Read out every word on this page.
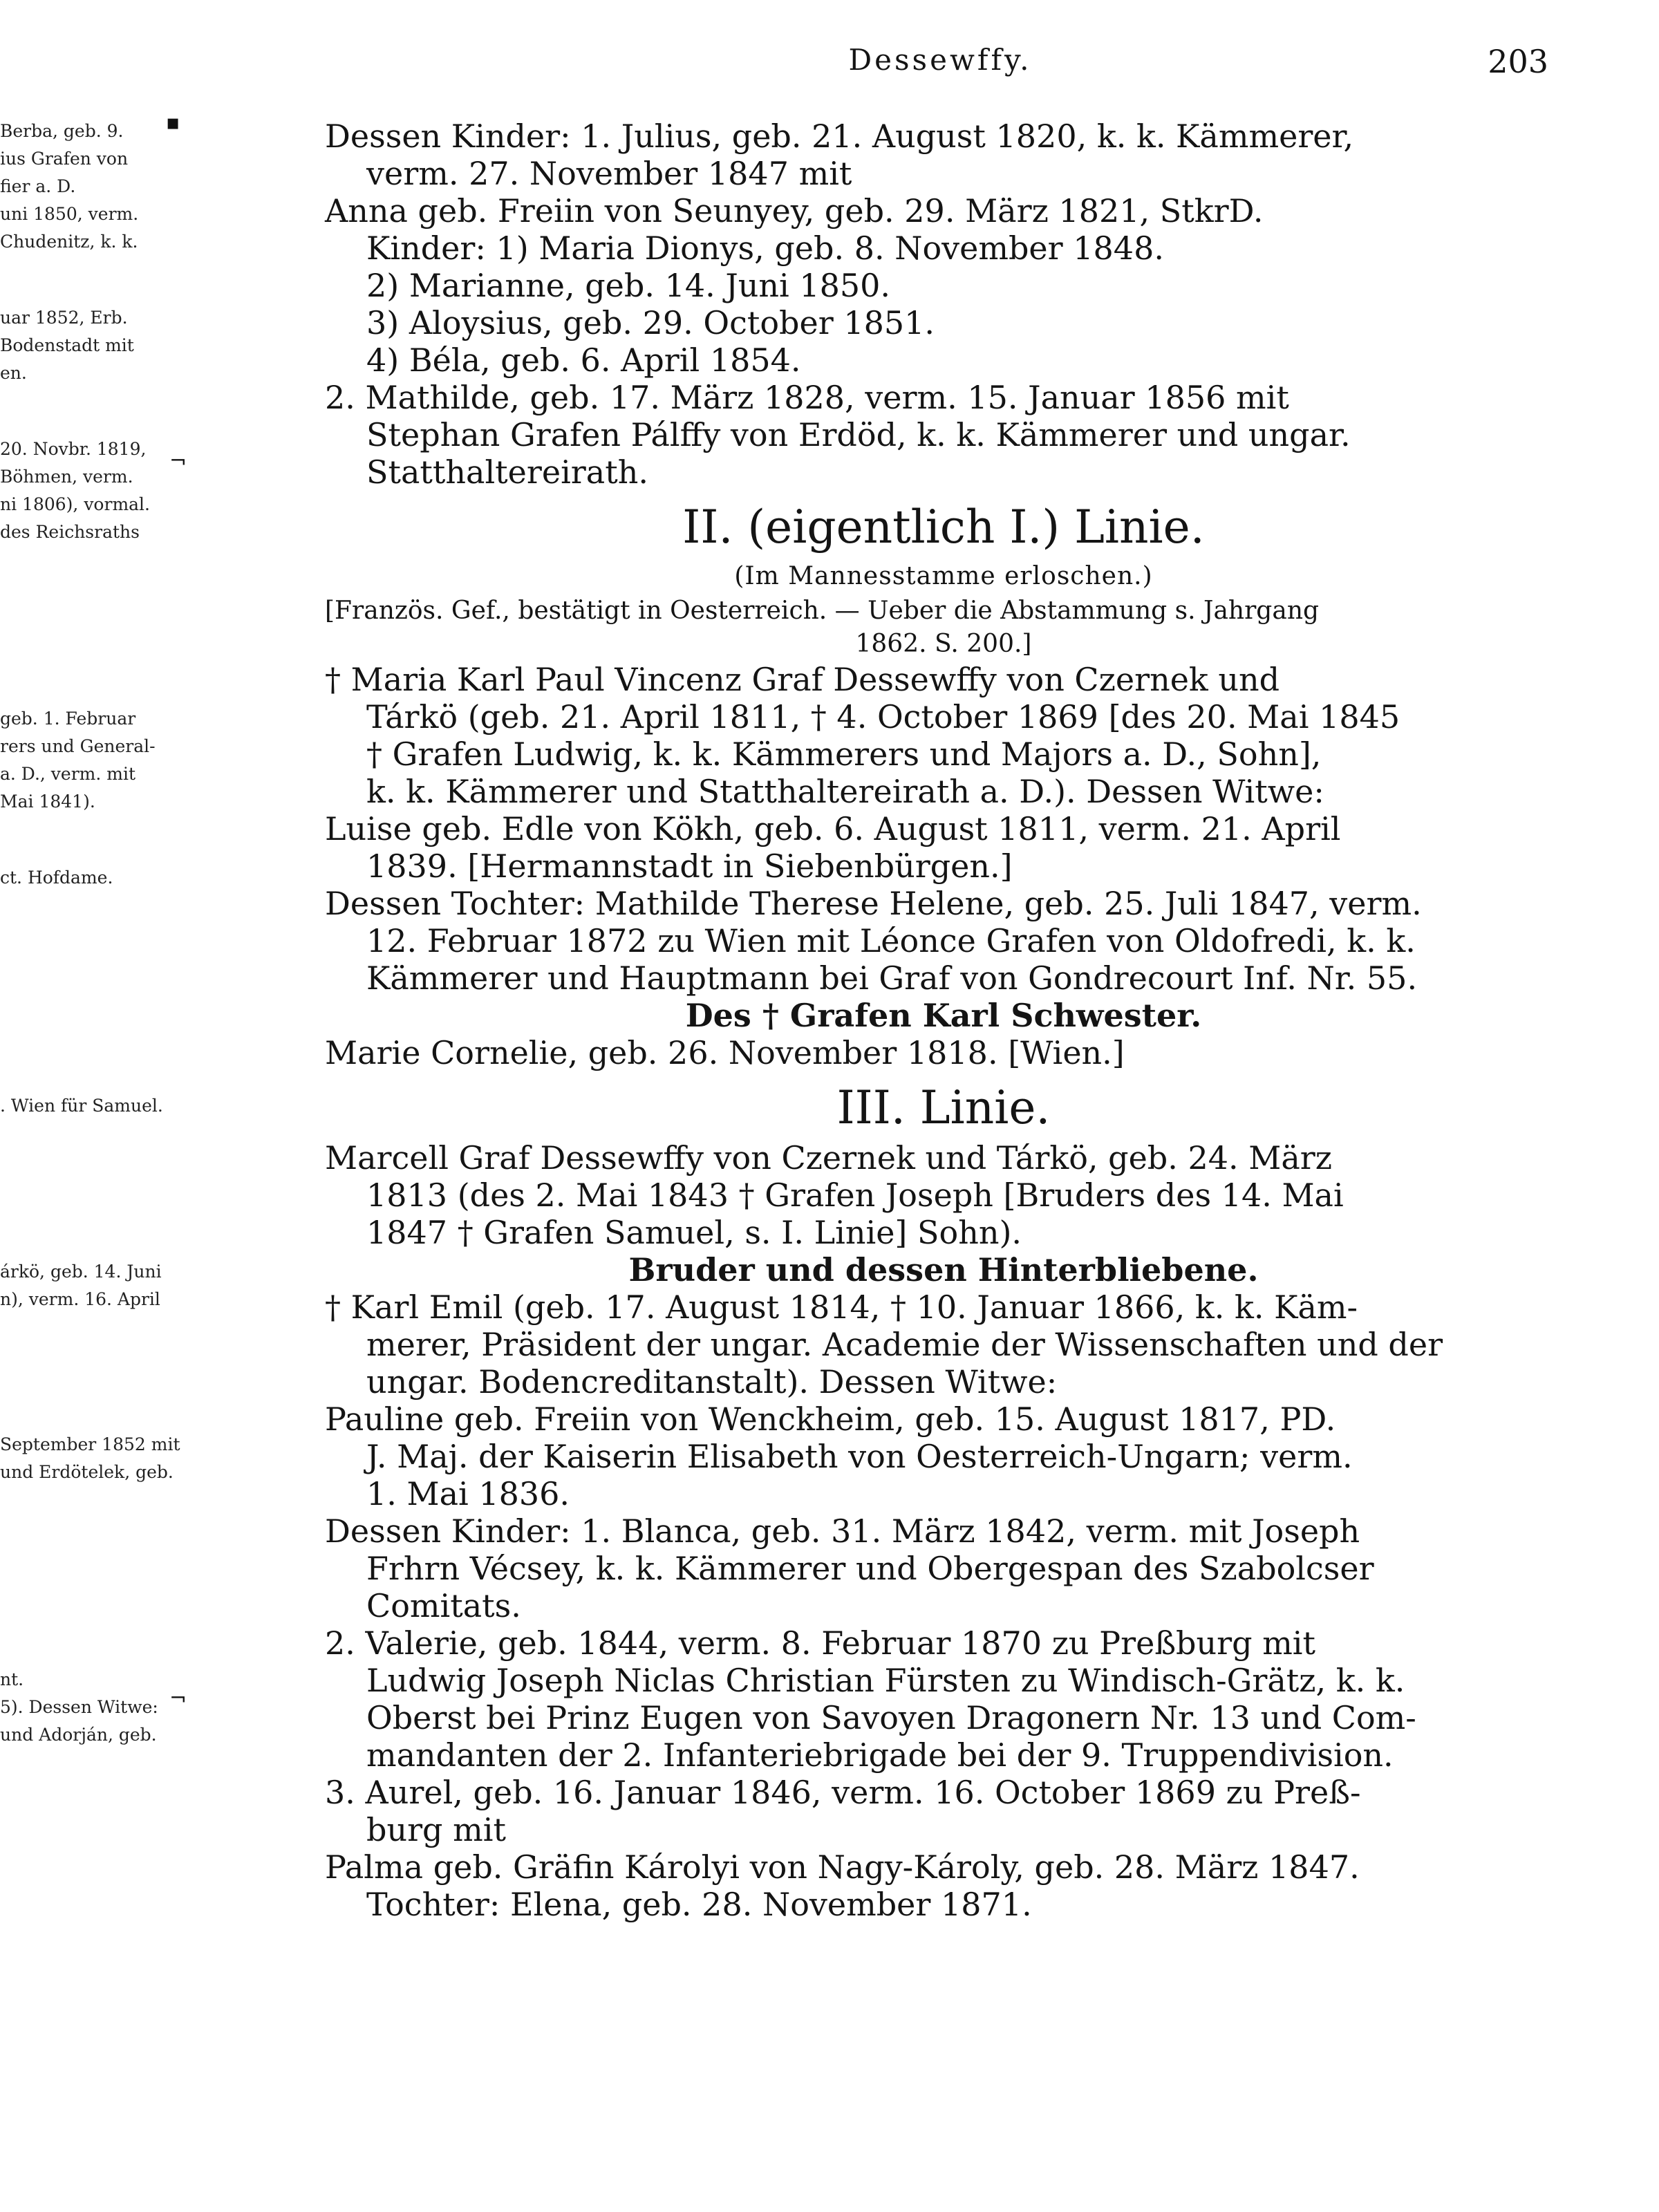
Berba, geb. 9.
ius Grafen von
fier a. D.
uni 1850, verm.
Chudenitz, k. k.
uar 1852, Erb.
Bodenstadt mit
en.
20. Novbr. 1819,
Böhmen, verm.
ni 1806), vormal.
des Reichsraths
geb. 1. Februar
rers und General-
a. D., verm. mit
Mai 1841).
ct. Hofdame.
. Wien für Samuel.
árkö, geb. 14. Juni
n), verm. 16. April
September 1852 mit
und Erdötelek, geb.
nt.
5). Dessen Witwe:
und Adorján, geb.
▪
¬
¬
Dessewffy.	203
Dessen Kinder: 1. Julius, geb. 21. August 1820, k. k. Kämmerer,
verm. 27. November 1847 mit
Anna geb. Freiin von Seunyey, geb. 29. März 1821, StkrD.
Kinder: 1) Maria Dionys, geb. 8. November 1848.
2) Marianne, geb. 14. Juni 1850.
3) Aloysius, geb. 29. October 1851.
4) Béla, geb. 6. April 1854.
2. Mathilde, geb. 17. März 1828, verm. 15. Januar 1856 mit
Stephan Grafen Pálffy von Erdöd, k. k. Kämmerer und ungar.
Statthaltereirath.
II. (eigentlich I.) Linie.
(Im Mannesstamme erloschen.)
[Französ. Gef., bestätigt in Oesterreich. — Ueber die Abstammung s. Jahrgang
1862. S. 200.]
† Maria Karl Paul Vincenz Graf Dessewffy von Czernek und
Tárkö (geb. 21. April 1811, † 4. October 1869 [des 20. Mai 1845
† Grafen Ludwig, k. k. Kämmerers und Majors a. D., Sohn],
k. k. Kämmerer und Statthaltereirath a. D.). Dessen Witwe:
Luise geb. Edle von Kökh, geb. 6. August 1811, verm. 21. April
1839. [Hermannstadt in Siebenbürgen.]
Dessen Tochter: Mathilde Therese Helene, geb. 25. Juli 1847, verm.
12. Februar 1872 zu Wien mit Léonce Grafen von Oldofredi, k. k.
Kämmerer und Hauptmann bei Graf von Gondrecourt Inf. Nr. 55.
Des † Grafen Karl Schwester.
Marie Cornelie, geb. 26. November 1818. [Wien.]
III. Linie.
Marcell Graf Dessewffy von Czernek und Tárkö, geb. 24. März
1813 (des 2. Mai 1843 † Grafen Joseph [Bruders des 14. Mai
1847 † Grafen Samuel, s. I. Linie] Sohn).
Bruder und dessen Hinterbliebene.
† Karl Emil (geb. 17. August 1814, † 10. Januar 1866, k. k. Käm-
merer, Präsident der ungar. Academie der Wissenschaften und der
ungar. Bodencreditanstalt). Dessen Witwe:
Pauline geb. Freiin von Wenckheim, geb. 15. August 1817, PD.
J. Maj. der Kaiserin Elisabeth von Oesterreich-Ungarn; verm.
1. Mai 1836.
Dessen Kinder: 1. Blanca, geb. 31. März 1842, verm. mit Joseph
Frhrn Vécsey, k. k. Kämmerer und Obergespan des Szabolcser
Comitats.
2. Valerie, geb. 1844, verm. 8. Februar 1870 zu Preßburg mit
Ludwig Joseph Niclas Christian Fürsten zu Windisch-Grätz, k. k.
Oberst bei Prinz Eugen von Savoyen Dragonern Nr. 13 und Com-
mandanten der 2. Infanteriebrigade bei der 9. Truppendivision.
3. Aurel, geb. 16. Januar 1846, verm. 16. October 1869 zu Preß-
burg mit
Palma geb. Gräfin Károlyi von Nagy-Károly, geb. 28. März 1847.
Tochter: Elena, geb. 28. November 1871.
